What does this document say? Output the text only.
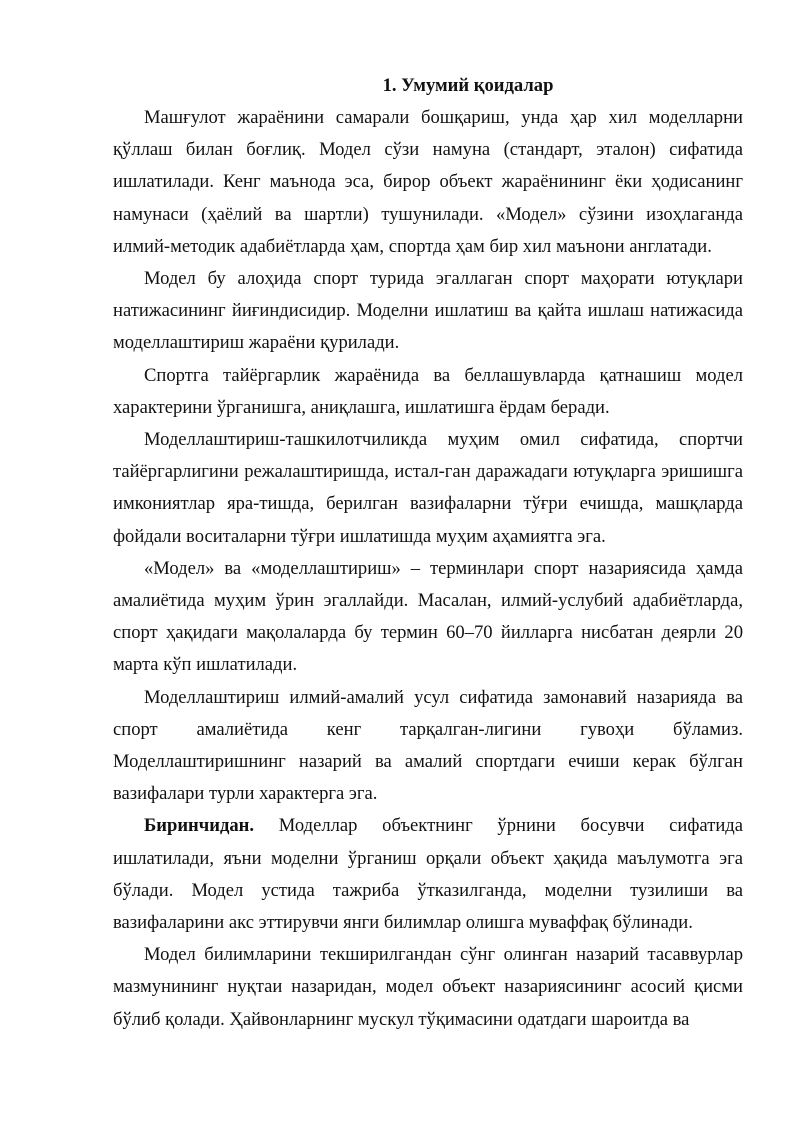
1. Умумий қоидалар

Машғулот жараёнини самарали бошқариш, унда ҳар хил моделларни қўллаш билан боғлиқ. Модел сўзи намуна (стандарт, эталон) сифатида ишлатилади. Кенг маънода эса, бирор объект жараёнининг ёки ҳодисанинг намунаси (ҳаёлий ва шартли) тушунилади. «Модел» сўзини изоҳлаганда илмий-методик адабиётларда ҳам, спортда ҳам бир хил маънони англатади.

Модел бу алоҳида спорт турида эгаллаган спорт маҳорати ютуқлари натижасининг йиғиндисидир. Моделни ишлатиш ва қайта ишлаш натижасида моделлаштириш жараёни қурилади.

Спортга тайёргарлик жараёнида ва беллашувларда қатнашиш модел характерини ўрганишга, аниқлашга, ишлатишга ёрдам беради.

Моделлаштириш-ташкилотчиликда муҳим омил сифатида, спортчи тайёргарлигини режалаштиришда, истал-ган даражадаги ютуқларга эришишга имкониятлар яра-тишда, берилган вазифаларни тўғри ечишда, машқларда фойдали воситаларни тўғри ишлатишда муҳим аҳамиятга эга.

«Модел» ва «моделлаштириш» – терминлари спорт назариясида ҳамда амалиётида муҳим ўрин эгаллайди. Масалан, илмий-услубий адабиётларда, спорт ҳақидаги мақолаларда бу термин 60–70 йилларга нисбатан деярли 20 марта кўп ишлатилади.

Моделлаштириш илмий-амалий усул сифатида замонавий назарияда ва спорт амалиётида кенг тарқалган-лигини гувоҳи бўламиз. Моделлаштиришнинг назарий ва амалий спортдаги ечиши керак бўлган вазифалари турли характерга эга.

Биринчидан. Моделлар объектнинг ўрнини босувчи сифатида ишлатилади, яъни моделни ўрганиш орқали объект ҳақида маълумотга эга бўлади. Модел устида тажриба ўтказилганда, моделни тузилиши ва вазифаларини акс эттирувчи янги билимлар олишга муваффақ бўлинади.

Модел билимларини текширилгандан сўнг олинган назарий тасаввурлар мазмунининг нуқтаи назаридан, модел объект назариясининг асосий қисми бўлиб қолади. Ҳайвонларнинг мускул тўқимасини одатдаги шароитда ва
